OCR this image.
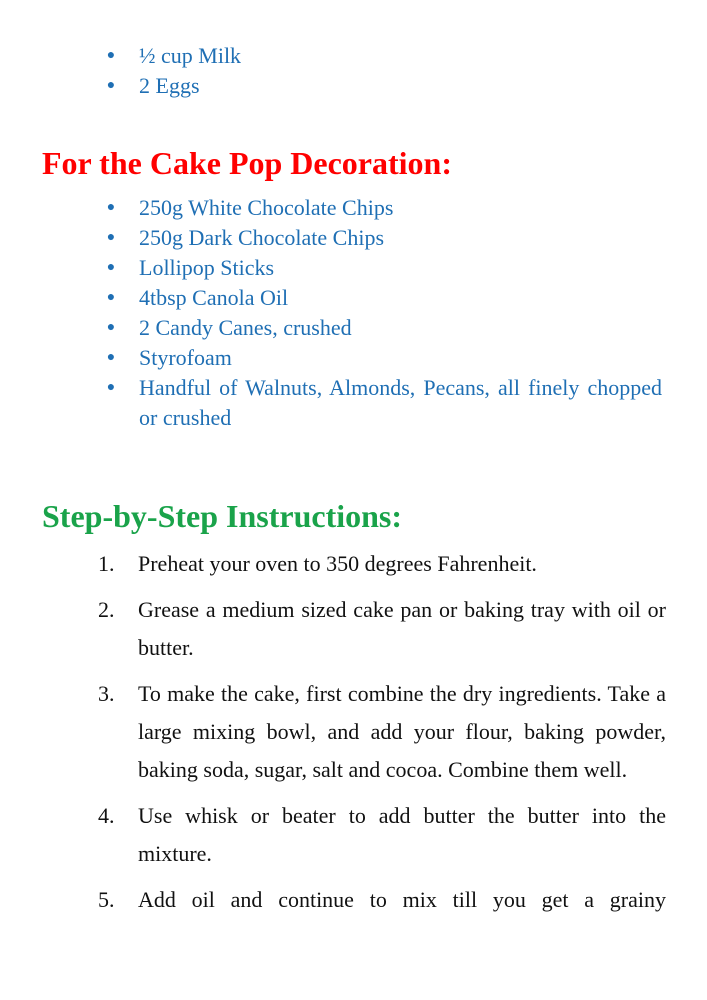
● ½ cup Milk
● 2 Eggs
For the Cake Pop Decoration:
● 250g White Chocolate Chips
● 250g Dark Chocolate Chips
● Lollipop Sticks
● 4tbsp Canola Oil
● 2 Candy Canes, crushed
● Styrofoam
● Handful of Walnuts, Almonds, Pecans, all finely chopped or crushed
Step-by-Step Instructions:
1. Preheat your oven to 350 degrees Fahrenheit.
2. Grease a medium sized cake pan or baking tray with oil or butter.
3. To make the cake, first combine the dry ingredients. Take a large mixing bowl, and add your flour, baking powder, baking soda, sugar, salt and cocoa. Combine them well.
4. Use whisk or beater to add butter the butter into the mixture.
5. Add oil and continue to mix till you get a grainy
